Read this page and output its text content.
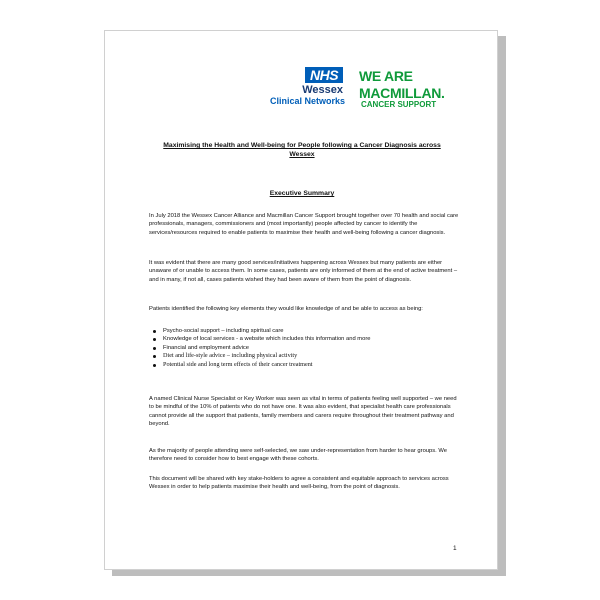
NHS
Wessex
Clinical Networks
WE ARE
MACMILLAN.
CANCER SUPPORT
Maximising the Health and Well-being for People following a Cancer Diagnosis across Wessex
Executive Summary
In July 2018 the Wessex Cancer Alliance and Macmillan Cancer Support brought together over 70 health and social care professionals, managers, commissioners and (most importantly) people affected by cancer to identify the services/resources required to enable patients to maximise their health and well-being following a cancer diagnosis.
It was evident that there are many good services/initiatives happening across Wessex but many patients are either unaware of or unable to access them. In some cases, patients are only informed of them at the end of active treatment – and in many, if not all, cases patients wished they had been aware of them from the point of diagnosis.
Patients identified the following key elements they would like knowledge of and be able to access as being:
Psycho-social support – including spiritual care
Knowledge of local services - a website which includes this information and more
Financial and employment advice
Diet and life-style advice – including physical activity
Potential side and long term effects of their cancer treatment
A named Clinical Nurse Specialist or Key Worker was seen as vital in terms of patients feeling well supported – we need to be mindful of the 10% of patients who do not have one. It was also evident, that specialist health care professionals cannot provide all the support that patients, family members and carers require throughout their treatment pathway and beyond.
As the majority of people attending were self-selected, we saw under-representation from harder to hear groups. We therefore need to consider how to best engage with these cohorts.
This document will be shared with key stake-holders to agree a consistent and equitable approach to services across Wessex in order to help patients maximise their health and well-being, from the point of diagnosis.
1
